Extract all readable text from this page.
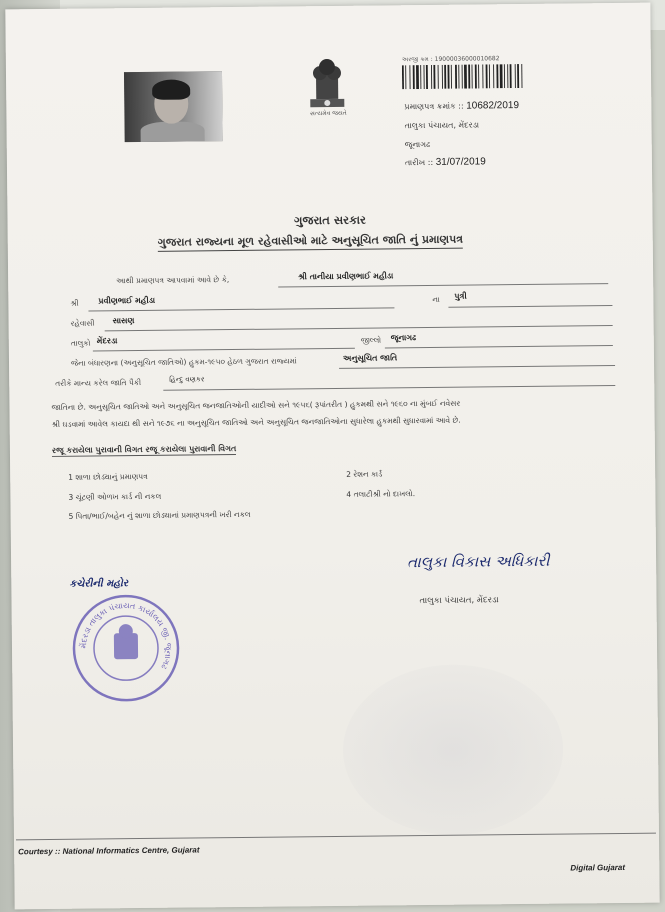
સત્યમેવ જયતે
અરજી ક્રમ : 19000036000010682
પ્રમાણપત્ર ક્રમાંક :: 10682/2019
તાલુકા પંચાયત, મેંદરડા
જૂનાગઢ
તારીખ :: 31/07/2019
ગુજરાત સરકાર
ગુજરાત રાજ્યના મૂળ રહેવાસીઓ માટે અનુસૂચિત જાતિ નું પ્રમાણપત્ર
આથી પ્રમાણપત્ર આપવામાં આવે છે કે,	શ્રી તાનીયા પ્રવીણભાઈ મહીડા
શ્રી પ્રવીણભાઈ મહીડા	ના પુત્રી
રહેવાસી સાસણ
તાલુકો મેંદરડા	જીલ્લો જૂનાગઢ
જેના બંધારણના (અનુસૂચિત જાતિઓ) હુકમ-૧૯૫૦ હેઠળ ગુજરાત રાજ્યમાં	અનુસૂચિત જાતિ
તરીકે માન્ય કરેલ જાતિ પૈકી	હિન્દુ વણકર
જાતિના છે. અનુસૂચિત જાતિઓ અને અનુસૂચિત જનજાતિઓની યાદીઓ સને ૧૯૫૬( રૂપાંતરીત ) હુકમથી સને ૧૯૬૦ ના મુંબઈ નવેસર
શ્રી ઘડવામાં આવેલ કાયદા થી સને ૧૯૭૬ ના અનુસૂચિત જાતિઓ અને અનુસૂચિત જનજાતિઓના સુધારેલા હુકમથી સુધારવામાં આવે છે.
રજૂ કરાયેલા પુરાવાની વિગત રજૂ કરાયેલા પુરાવાની વિગત
1 શાળા છોડ્યાનું પ્રમાણપત્ર	2 રેશન કાર્ડ
3 ચૂંટણી ઓળખ કાર્ડ ની નકલ	4 તલાટીશ્રી નો દાખલો.
5 પિતા/ભાઈ/બહેન નું શાળા છોડ્યાનાં પ્રમાણપત્રની ખરી નકલ
તાલુકા વિકાસ અધિકારી
તાલુકા પંચાયત, મેંદરડા
કચેરીની મહોર
મેંદરડા તાલુકા પંચાયત કાર્યાલય જી. જૂનાગઢ
Courtesy :: National Informatics Centre, Gujarat
Digital Gujarat
